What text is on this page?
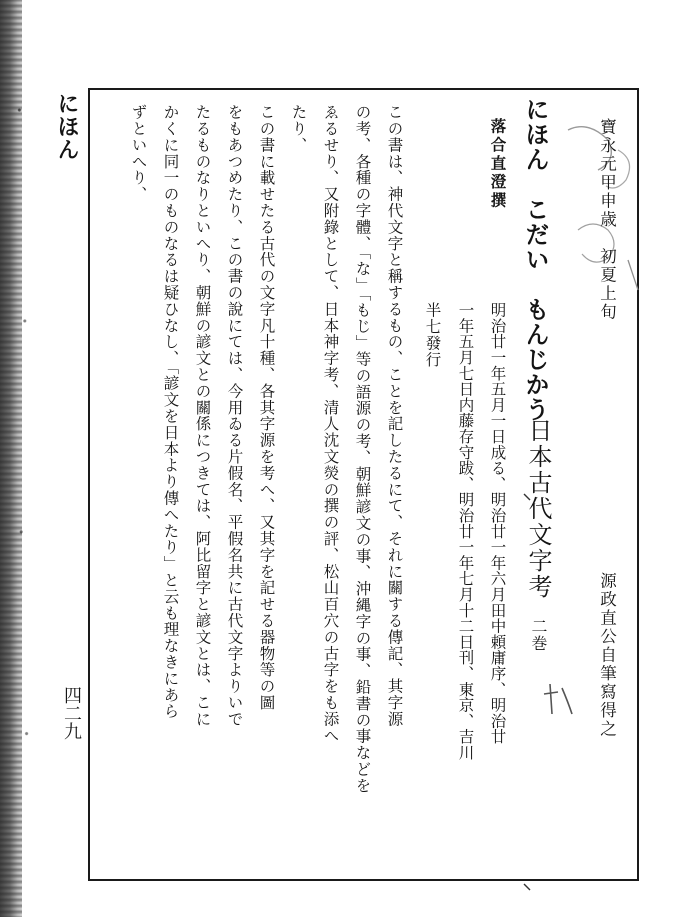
にほん
四二九
寶永元甲申歳　初夏上旬
源政直公自筆寫得之
にほん　こだい　もんじかう
落合直澄撰
日本古代文字考
二巻
明治廿一年五月一日成る、明治廿一年六月田中頼庸序、明治廿
一年五月七日内藤存守跋、明治廿一年七月十二日刊、東京、吉川
半七發行
この書は、神代文字と稱するもの、ことを記したるにて、それに關する傳記、其字源
の考、各種の字體、「な」「もじ」等の語源の考、朝鮮諺文の事、沖縄字の事、鉛書の事などを
ゑるせり、又附錄として、日本神字考、清人沈文熒の撰の評、松山百穴の古字をも添へ
たり、
この書に載せたる古代の文字凡十種、各其字源を考へ、又其字を記せる器物等の圖
をもあつめたり、この書の說にては、今用ゐる片假名、平假名共に古代文字よりいで
たるものなりといへり、朝鮮の諺文との關係につきては、阿比留字と諺文とは、こに
かくに同一のものなるは疑ひなし、「諺文を日本より傳へたり」と云も理なきにあら
ずといへり、
